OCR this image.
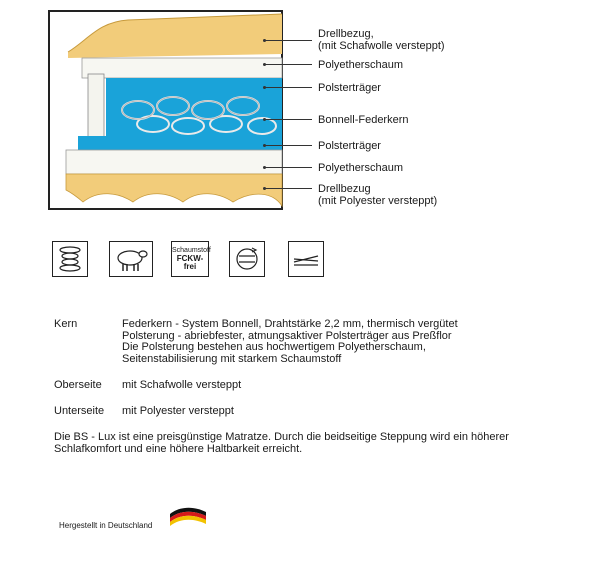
Drellbezug,
(mit Schafwolle versteppt)
Polyetherschaum
Polsterträger
Bonnell-Federkern
Polsterträger
Polyetherschaum
Drellbezug
(mit Polyester versteppt)
Schaumstoff
FCKW-
frei
Kern	Federkern - System Bonnell, Drahtstärke 2,2 mm, thermisch vergütet
Polsterung - abriebfester, atmungsaktiver Polsterträger aus Preßflor
Die Polsterung bestehen aus hochwertigem Polyetherschaum,
Seitenstabilisierung mit starkem Schaumstoff
Oberseite mit Schafwolle versteppt
Unterseite mit Polyester versteppt
Die BS - Lux ist eine preisgünstige Matratze. Durch die beidseitige Steppung wird ein höherer
Schlafkomfort und eine höhere Haltbarkeit erreicht.
Hergestellt in Deutschland
